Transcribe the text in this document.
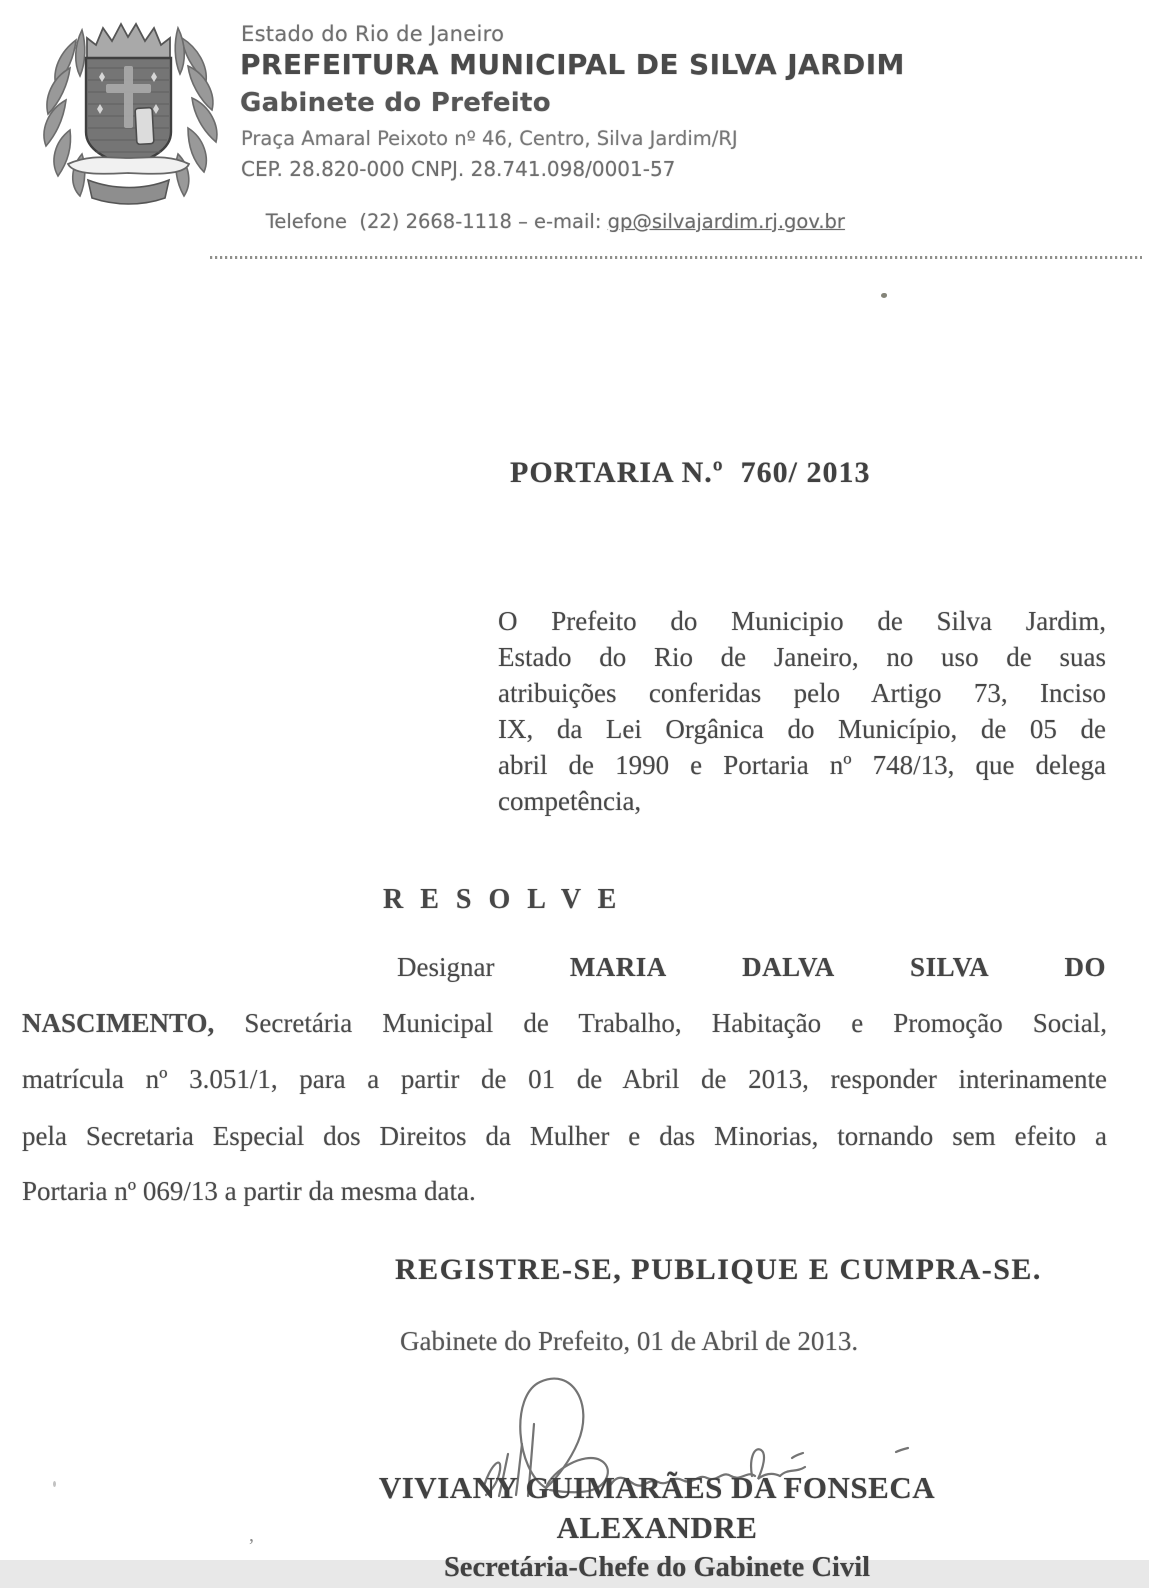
Estado do Rio de Janeiro
PREFEITURA MUNICIPAL DE SILVA JARDIM
Gabinete do Prefeito
Praça Amaral Peixoto nº 46, Centro, Silva Jardim/RJ
CEP. 28.820-000 CNPJ. 28.741.098/0001-57

Telefone  (22) 2668-1118 – e-mail: gp@silvajardim.rj.gov.br

,
PORTARIA N.º  760/ 2013
O Prefeito do Municipio de Silva Jardim,
Estado do Rio de Janeiro, no uso de suas
atribuições conferidas pelo Artigo 73, Inciso
IX, da Lei Orgânica do Município, de 05 de
abril de 1990 e Portaria nº 748/13, que delega
competência,
R E S O L V E
Designar	MARIA	DALVA	SILVA	DO
NASCIMENTO, Secretária Municipal de Trabalho, Habitação e Promoção Social,
matrícula nº 3.051/1, para a partir de 01 de Abril de 2013, responder interinamente
pela Secretaria Especial dos Direitos da Mulher e das Minorias, tornando sem efeito a
Portaria nº 069/13 a partir da mesma data.
REGISTRE-SE, PUBLIQUE E CUMPRA-SE.
Gabinete do Prefeito, 01 de Abril de 2013.
VIVIANY GUIMARÃES DA FONSECA ALEXANDRE
Secretária-Chefe do Gabinete Civil
